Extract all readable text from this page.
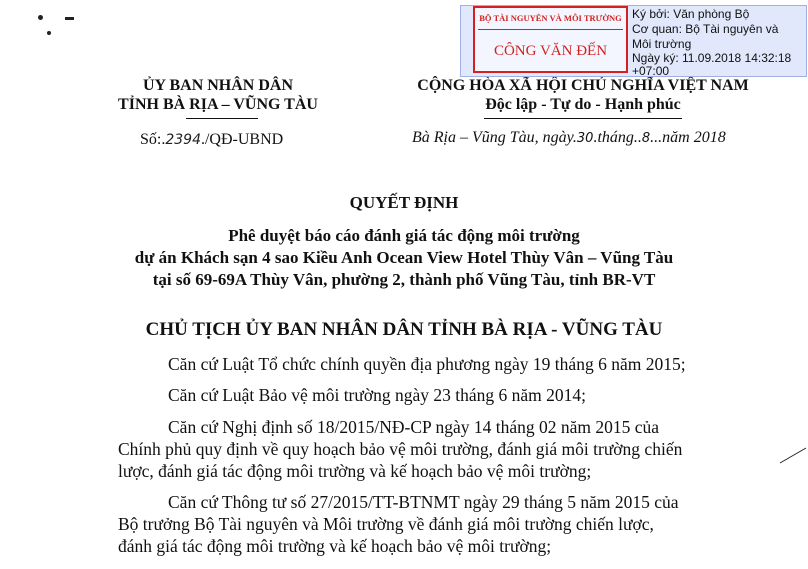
ỦY BAN NHÂN DÂN
TỈNH BÀ RỊA – VŨNG TÀU
CỘNG HÒA XÃ HỘI CHỦ NGHĨA VIỆT NAM
Độc lập - Tự do - Hạnh phúc
Số:.2394./QĐ-UBND	Bà Rịa – Vũng Tàu, ngày.30.tháng..8...năm 2018
QUYẾT ĐỊNH
Phê duyệt báo cáo đánh giá tác động môi trường
dự án Khách sạn 4 sao Kiều Anh Ocean View Hotel Thùy Vân – Vũng Tàu
tại số 69-69A Thùy Vân, phường 2, thành phố Vũng Tàu, tỉnh BR-VT
CHỦ TỊCH ỦY BAN NHÂN DÂN TỈNH BÀ RỊA - VŨNG TÀU
Căn cứ Luật Tổ chức chính quyền địa phương ngày 19 tháng 6 năm 2015;
Căn cứ Luật Bảo vệ môi trường ngày 23 tháng 6 năm 2014;
Căn cứ Nghị định số 18/2015/NĐ-CP ngày 14 tháng 02 năm 2015 của
Chính phủ quy định về quy hoạch bảo vệ môi trường, đánh giá môi trường chiến
lược, đánh giá tác động môi trường và kế hoạch bảo vệ môi trường;
Căn cứ Thông tư số 27/2015/TT-BTNMT ngày 29 tháng 5 năm 2015 của
Bộ trưởng Bộ Tài nguyên và Môi trường về đánh giá môi trường chiến lược,
đánh giá tác động môi trường và kế hoạch bảo vệ môi trường;
BỘ TÀI NGUYÊN VÀ MÔI TRƯỜNG
CÔNG VĂN ĐẾN
Ký bởi: Văn phòng Bộ
Cơ quan: Bộ Tài nguyên và
Môi trường
Ngày ký: 11.09.2018 14:32:18
+07:00
